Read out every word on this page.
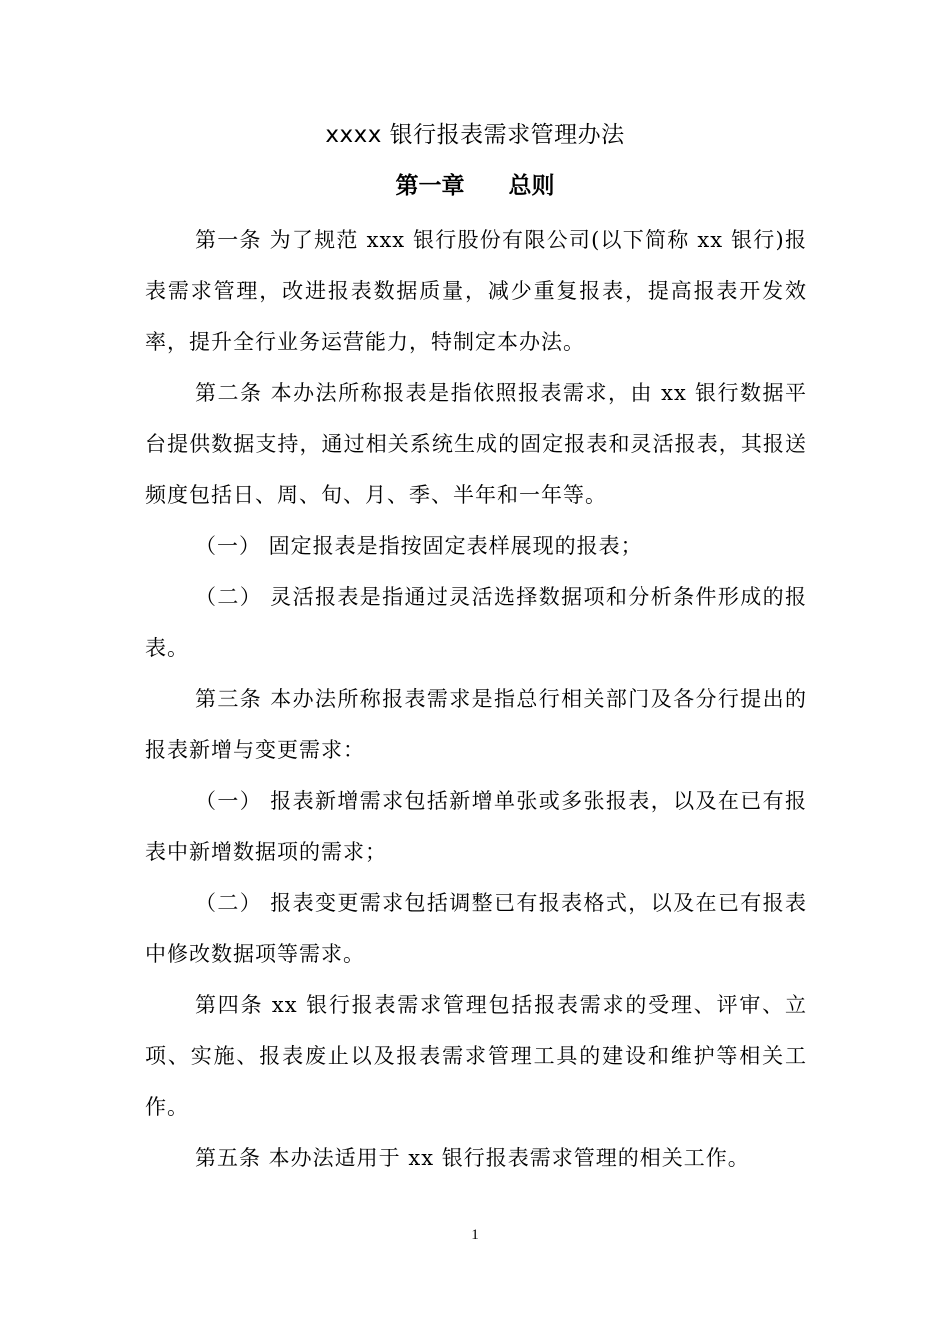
xxxx 银行报表需求管理办法
第一章 总则

第一条 为了规范 xxx 银行股份有限公司(以下简称 xx 银行)报表需求管理，改进报表数据质量，减少重复报表，提高报表开发效率，提升全行业务运营能力，特制定本办法。

第二条 本办法所称报表是指依照报表需求，由 xx 银行数据平台提供数据支持，通过相关系统生成的固定报表和灵活报表，其报送频度包括日、周、旬、月、季、半年和一年等。

（一） 固定报表是指按固定表样展现的报表；

（二） 灵活报表是指通过灵活选择数据项和分析条件形成的报表。

第三条 本办法所称报表需求是指总行相关部门及各分行提出的报表新增与变更需求：

（一） 报表新增需求包括新增单张或多张报表，以及在已有报表中新增数据项的需求；

（二） 报表变更需求包括调整已有报表格式，以及在已有报表中修改数据项等需求。

第四条 xx 银行报表需求管理包括报表需求的受理、评审、立项、实施、报表废止以及报表需求管理工具的建设和维护等相关工作。

第五条 本办法适用于 xx 银行报表需求管理的相关工作。

1
